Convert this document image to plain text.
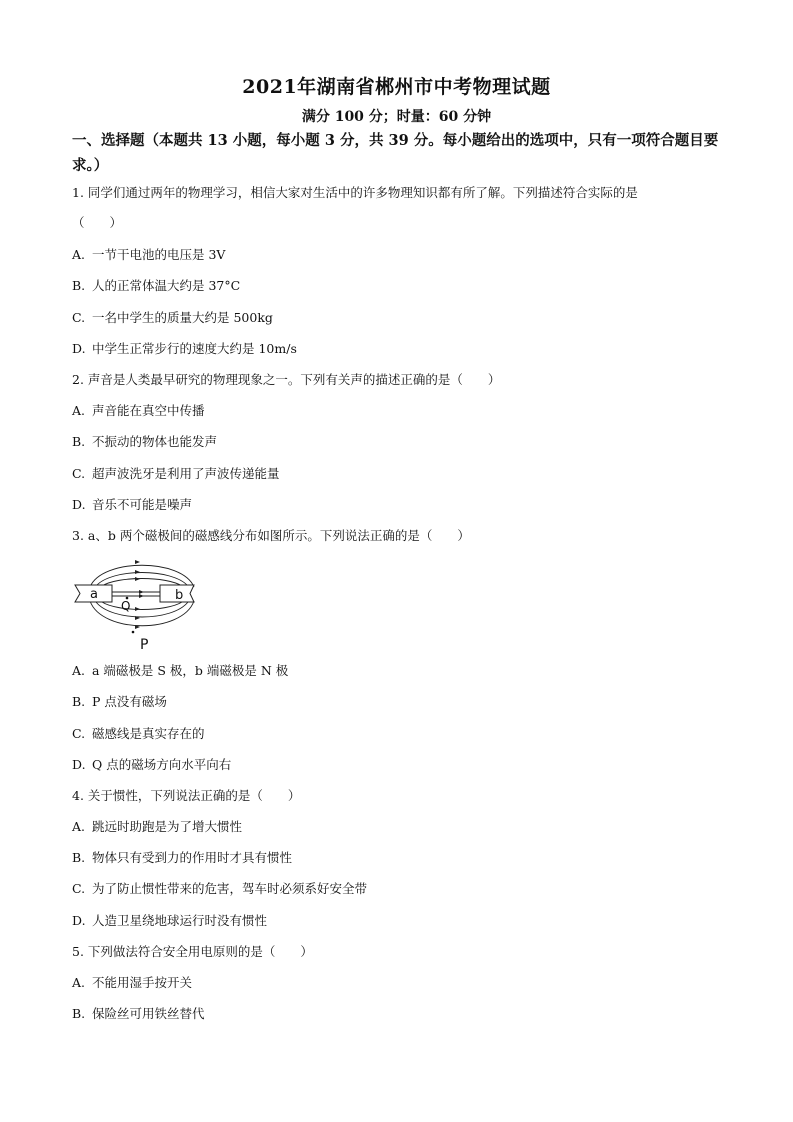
2021年湖南省郴州市中考物理试题
满分 100 分；时量：60 分钟
一、选择题（本题共 13 小题，每小题 3 分，共 39 分。每小题给出的选项中，只有一项符合题目要求。）
1. 同学们通过两年的物理学习，相信大家对生活中的许多物理知识都有所了解。下列描述符合实际的是
（　　）
A. 一节干电池的电压是 3V
B. 人的正常体温大约是 37°C
C. 一名中学生的质量大约是 500kg
D. 中学生正常步行的速度大约是 10m/s
2. 声音是人类最早研究的物理现象之一。下列有关声的描述正确的是（　　）
A. 声音能在真空中传播
B. 不振动的物体也能发声
C. 超声波洗牙是利用了声波传递能量
D. 音乐不可能是噪声
3. a、b 两个磁极间的磁感线分布如图所示。下列说法正确的是（　　）
a	b
Q
P
A. a 端磁极是 S 极，b 端磁极是 N 极
B. P 点没有磁场
C. 磁感线是真实存在的
D. Q 点的磁场方向水平向右
4. 关于惯性，下列说法正确的是（　　）
A. 跳远时助跑是为了增大惯性
B. 物体只有受到力的作用时才具有惯性
C. 为了防止惯性带来的危害，驾车时必须系好安全带
D. 人造卫星绕地球运行时没有惯性
5. 下列做法符合安全用电原则的是（　　）
A. 不能用湿手按开关
B. 保险丝可用铁丝替代
